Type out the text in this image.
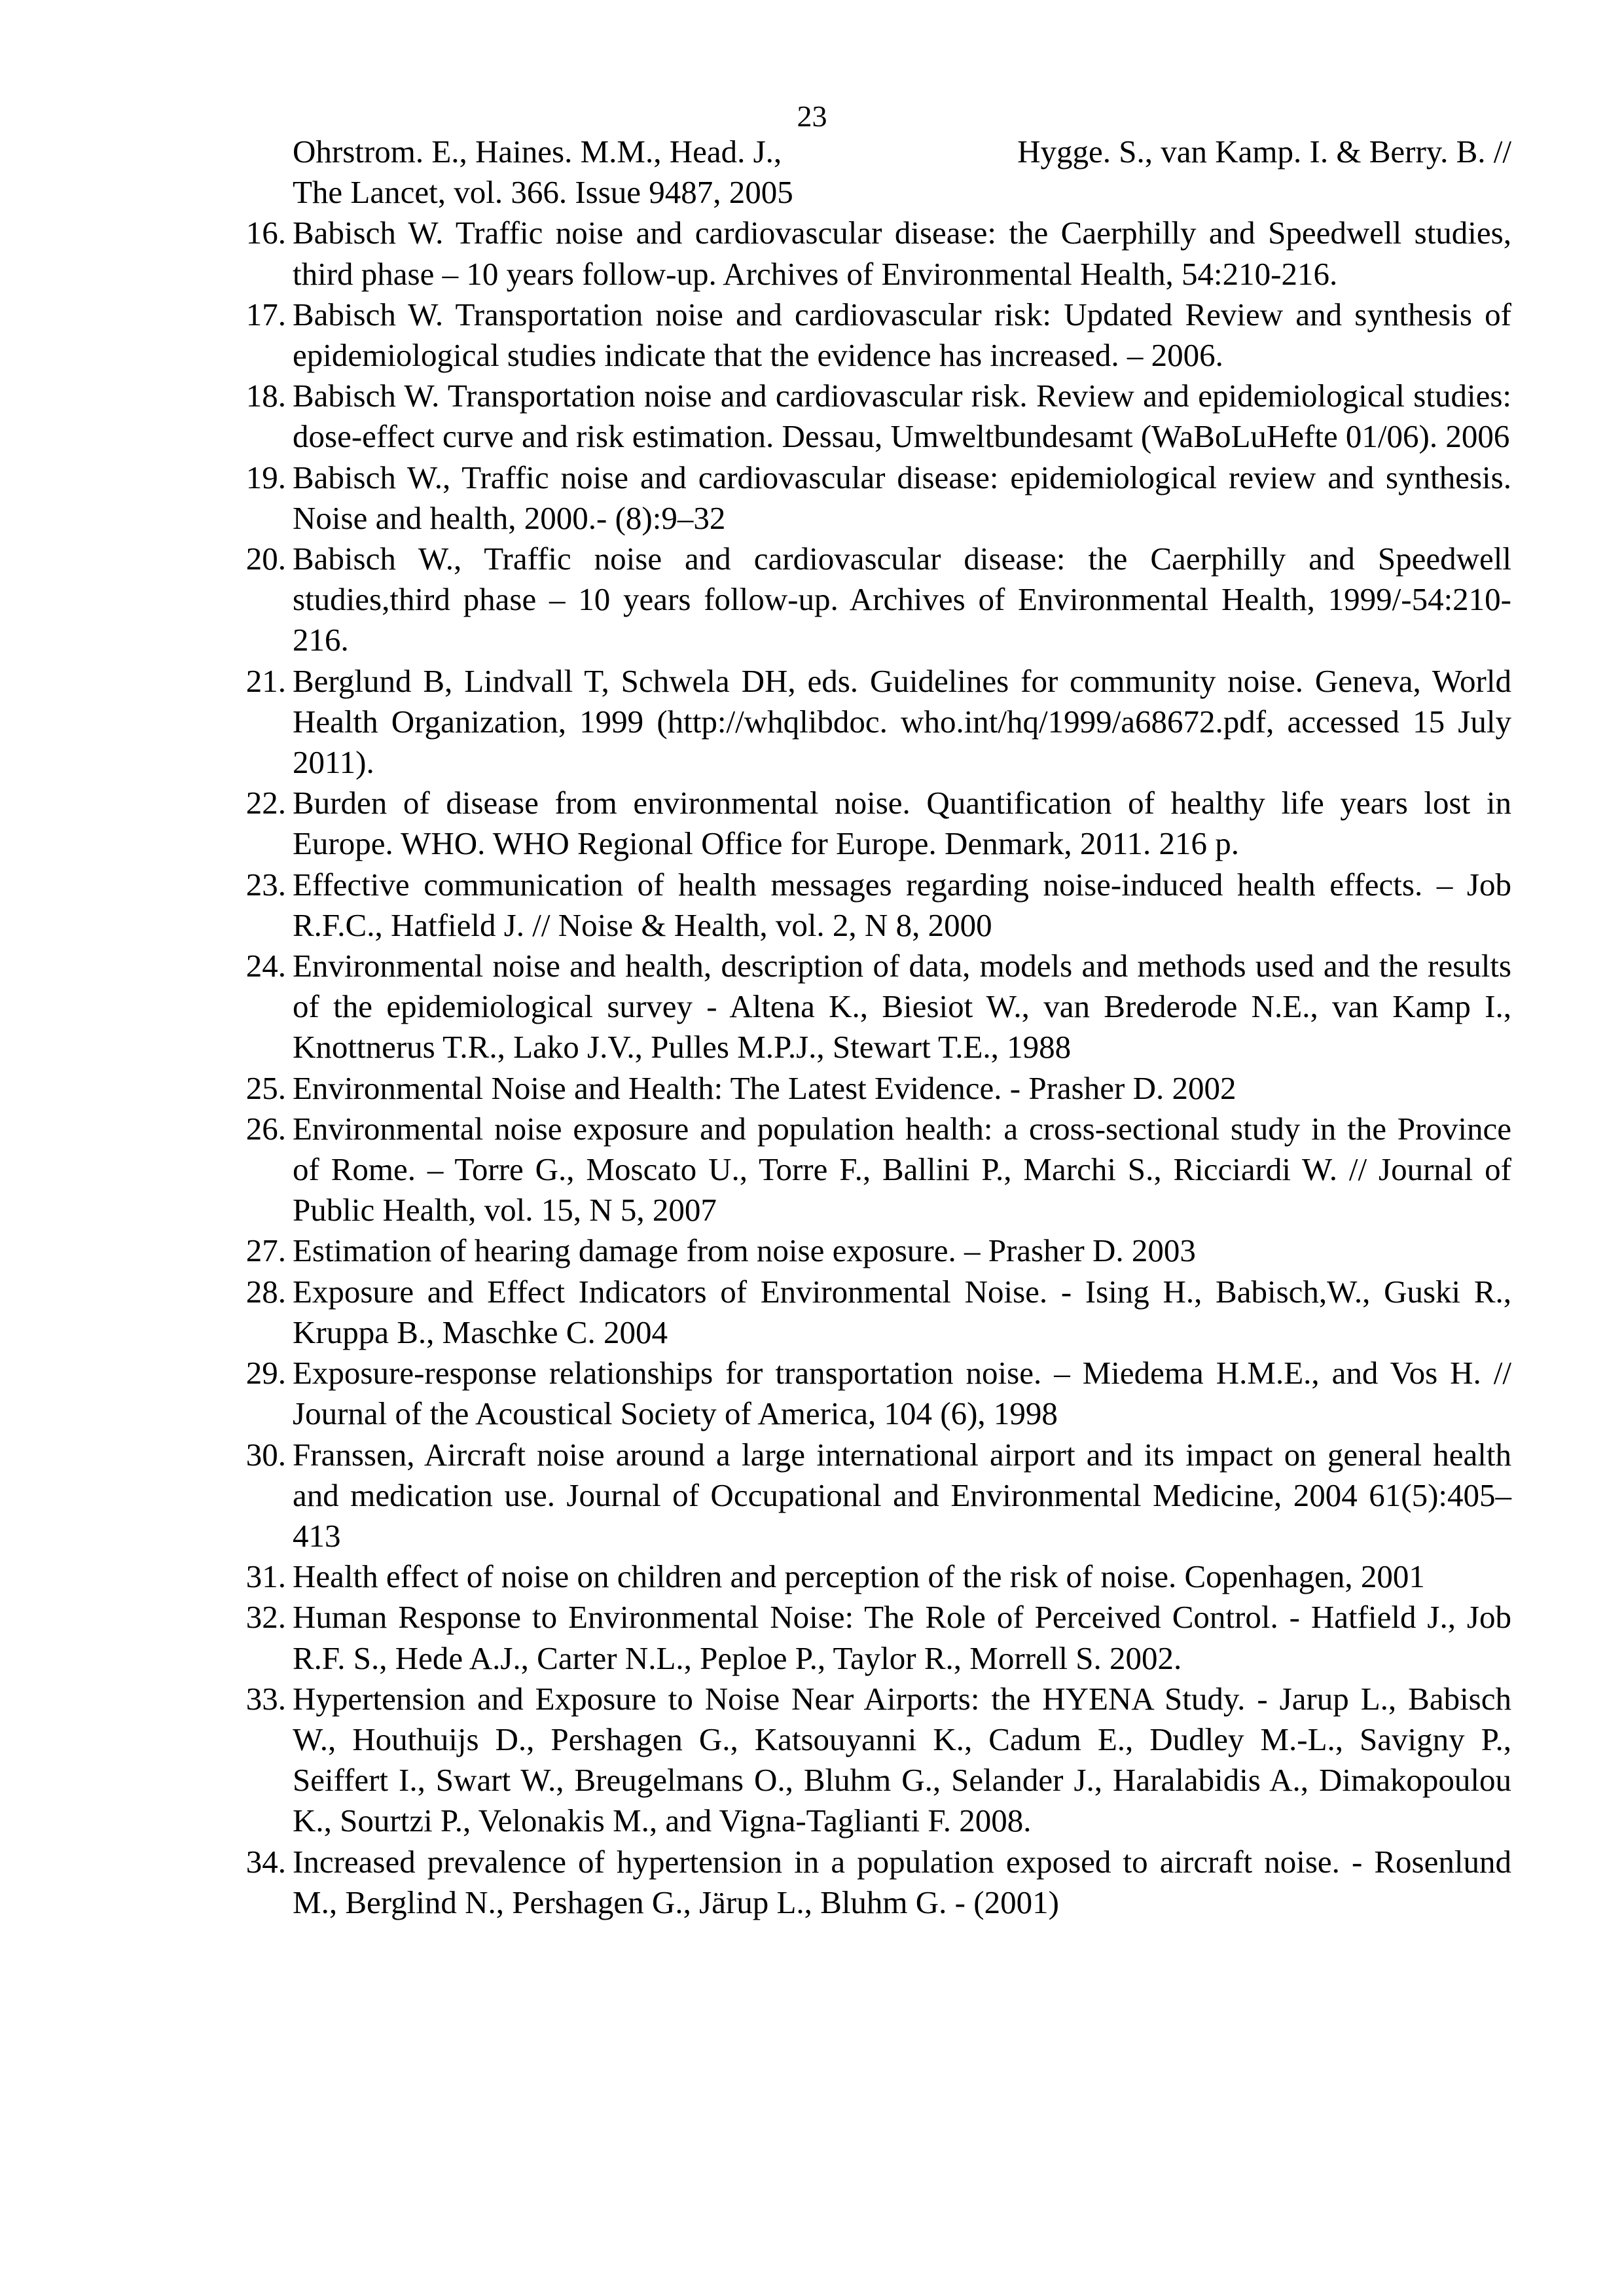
23
Ohrstrom. E., Haines. M.M., Head. J.,	Hygge. S., van Kamp. I. & Berry. B. //
The Lancet, vol. 366. Issue 9487, 2005
16. Babisch W. Traffic noise and cardiovascular disease: the Caerphilly and Speedwell studies, third phase – 10 years follow-up. Archives of Environmental Health, 54:210-216.
17. Babisch W. Transportation noise and cardiovascular risk: Updated Review and synthesis of epidemiological studies indicate that the evidence has increased. – 2006.
18. Babisch W. Transportation noise and cardiovascular risk. Review and epidemiological studies: dose-effect curve and risk estimation. Dessau, Umweltbundesamt (WaBoLuHefte 01/06). 2006
19. Babisch W., Traffic noise and cardiovascular disease: epidemiological review and synthesis. Noise and health, 2000.- (8):9–32
20. Babisch W., Traffic noise and cardiovascular disease: the Caerphilly and Speedwell studies,third phase – 10 years follow-up. Archives of Environmental Health, 1999/-54:210-216.
21. Berglund B, Lindvall T, Schwela DH, eds. Guidelines for community noise. Geneva, World Health Organization, 1999 (http://whqlibdoc. who.int/hq/1999/a68672.pdf, accessed 15 July 2011).
22. Burden of disease from environmental noise. Quantification of healthy life years lost in Europe. WHO. WHO Regional Office for Europe. Denmark, 2011. 216 p.
23. Effective communication of health messages regarding noise-induced health effects. – Job R.F.C., Hatfield J. // Noise & Health, vol. 2, N 8, 2000
24. Environmental noise and health, description of data, models and methods used and the results of the epidemiological survey - Altena K., Biesiot W., van Brederode N.E., van Kamp I., Knottnerus T.R., Lako J.V., Pulles M.P.J., Stewart T.E., 1988
25. Environmental Noise and Health: The Latest Evidence. - Prasher D. 2002
26. Environmental noise exposure and population health: a cross-sectional study in the Province of Rome. – Torre G., Moscato U., Torre F., Ballini P., Marchi S., Ricciardi W. // Journal of Public Health, vol. 15, N 5, 2007
27. Estimation of hearing damage from noise exposure. – Prasher D. 2003
28. Exposure and Effect Indicators of Environmental Noise. - Ising H., Babisch,W., Guski R., Kruppa B., Maschke C. 2004
29. Exposure-response relationships for transportation noise. – Miedema H.M.E., and Vos H. // Journal of the Acoustical Society of America, 104 (6), 1998
30. Franssen, Aircraft noise around a large international airport and its impact on general health and medication use. Journal of Occupational and Environmental Medicine, 2004 61(5):405–413
31. Health effect of noise on children and perception of the risk of noise. Copenhagen, 2001
32. Human Response to Environmental Noise: The Role of Perceived Control. - Hatfield J., Job R.F. S., Hede A.J., Carter N.L., Peploe P., Taylor R., Morrell S. 2002.
33. Hypertension and Exposure to Noise Near Airports: the HYENA Study. - Jarup L., Babisch W., Houthuijs D., Pershagen G., Katsouyanni K., Cadum E., Dudley M.-L., Savigny P., Seiffert I., Swart W., Breugelmans O., Bluhm G., Selander J., Haralabidis A., Dimakopoulou K., Sourtzi P., Velonakis M., and Vigna-Taglianti F. 2008.
34. Increased prevalence of hypertension in a population exposed to aircraft noise. - Rosenlund M., Berglind N., Pershagen G., Järup L., Bluhm G. - (2001)
